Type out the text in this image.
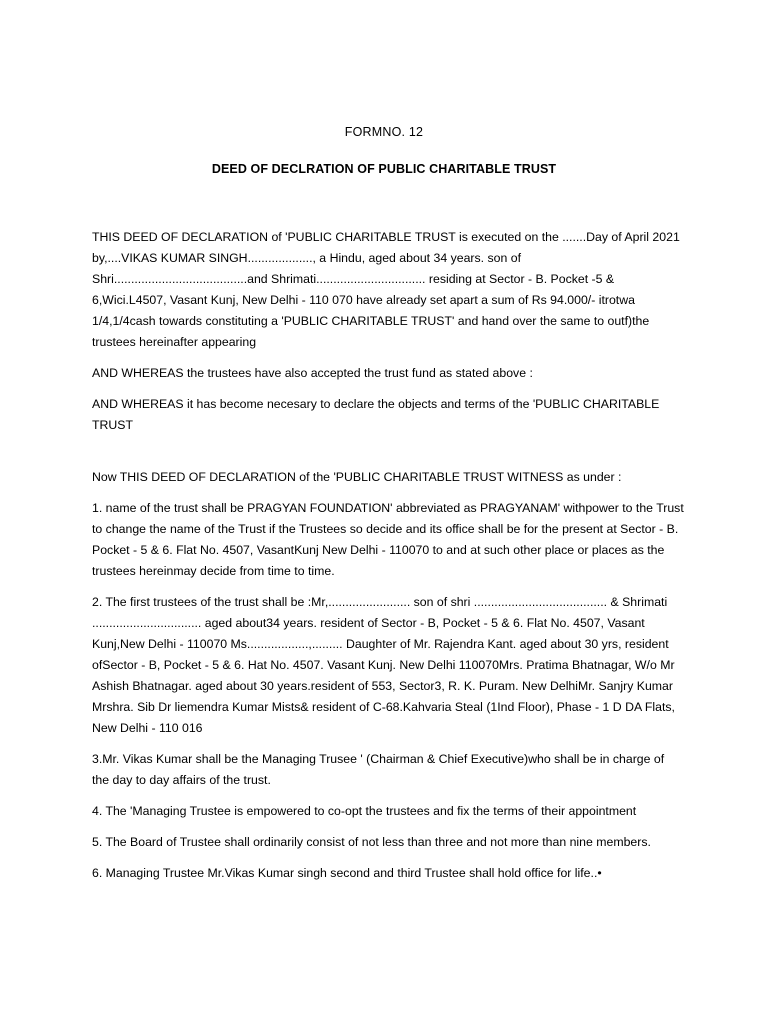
FORMNO. 12
DEED OF DECLRATION OF PUBLIC CHARITABLE TRUST

THIS DEED OF DECLARATION of 'PUBLIC CHARITABLE TRUST is executed on the .......Day of April 2021 by,....VIKAS KUMAR SINGH..................., a Hindu, aged about 34 years. son of Shri.......................................and Shrimati................................ residing at Sector - B. Pocket -5 & 6,Wici.L4507, Vasant Kunj, New Delhi - 110 070 have already set apart a sum of Rs 94.000/- itrotwa 1/4,1/4cash towards constituting a 'PUBLIC CHARITABLE TRUST' and hand over the same to outf)the trustees hereinafter appearing

AND WHEREAS the trustees have also accepted the trust fund as stated above :

AND WHEREAS it has become necesary to declare the objects and terms of the 'PUBLIC CHARITABLE TRUST

Now THIS DEED OF DECLARATION of the 'PUBLIC CHARITABLE TRUST WITNESS as under :

1. name of the trust shall be PRAGYAN FOUNDATION' abbreviated as PRAGYANAM' withpower to the Trust to change the name of the Trust if the Trustees so decide and its office shall be for the present at Sector - B. Pocket - 5 & 6. Flat No. 4507, VasantKunj New Delhi - 110070 to and at such other place or places as the trustees hereinmay decide from time to time.

2. The first trustees of the trust shall be :Mr,........................ son of shri ....................................... & Shrimati ................................ aged about34 years. resident of Sector - B, Pocket - 5 & 6. Flat No. 4507, Vasant Kunj,New Delhi - 110070 Ms..................,......... Daughter of Mr. Rajendra Kant. aged about 30 yrs, resident ofSector - B, Pocket - 5 & 6. Hat No. 4507. Vasant Kunj. New Delhi 110070Mrs. Pratima Bhatnagar, W/o Mr Ashish Bhatnagar. aged about 30 years.resident of 553, Sector3, R. K. Puram. New DelhiMr. Sanjry Kumar Mrshra. Sib Dr liemendra Kumar Mists& resident of C-68.Kahvaria Steal (1Ind Floor), Phase - 1 D DA Flats, New Delhi - 110 016

3.Mr. Vikas Kumar shall be the Managing Trusee ' (Chairman & Chief Executive)who shall be in charge of the day to day affairs of the trust.

4. The 'Managing Trustee is empowered to co-opt the trustees and fix the terms of their appointment

5. The Board of Trustee shall ordinarily consist of not less than three and not more than nine members.

6. Managing Trustee Mr.Vikas Kumar singh second and third Trustee shall hold office for life..•
